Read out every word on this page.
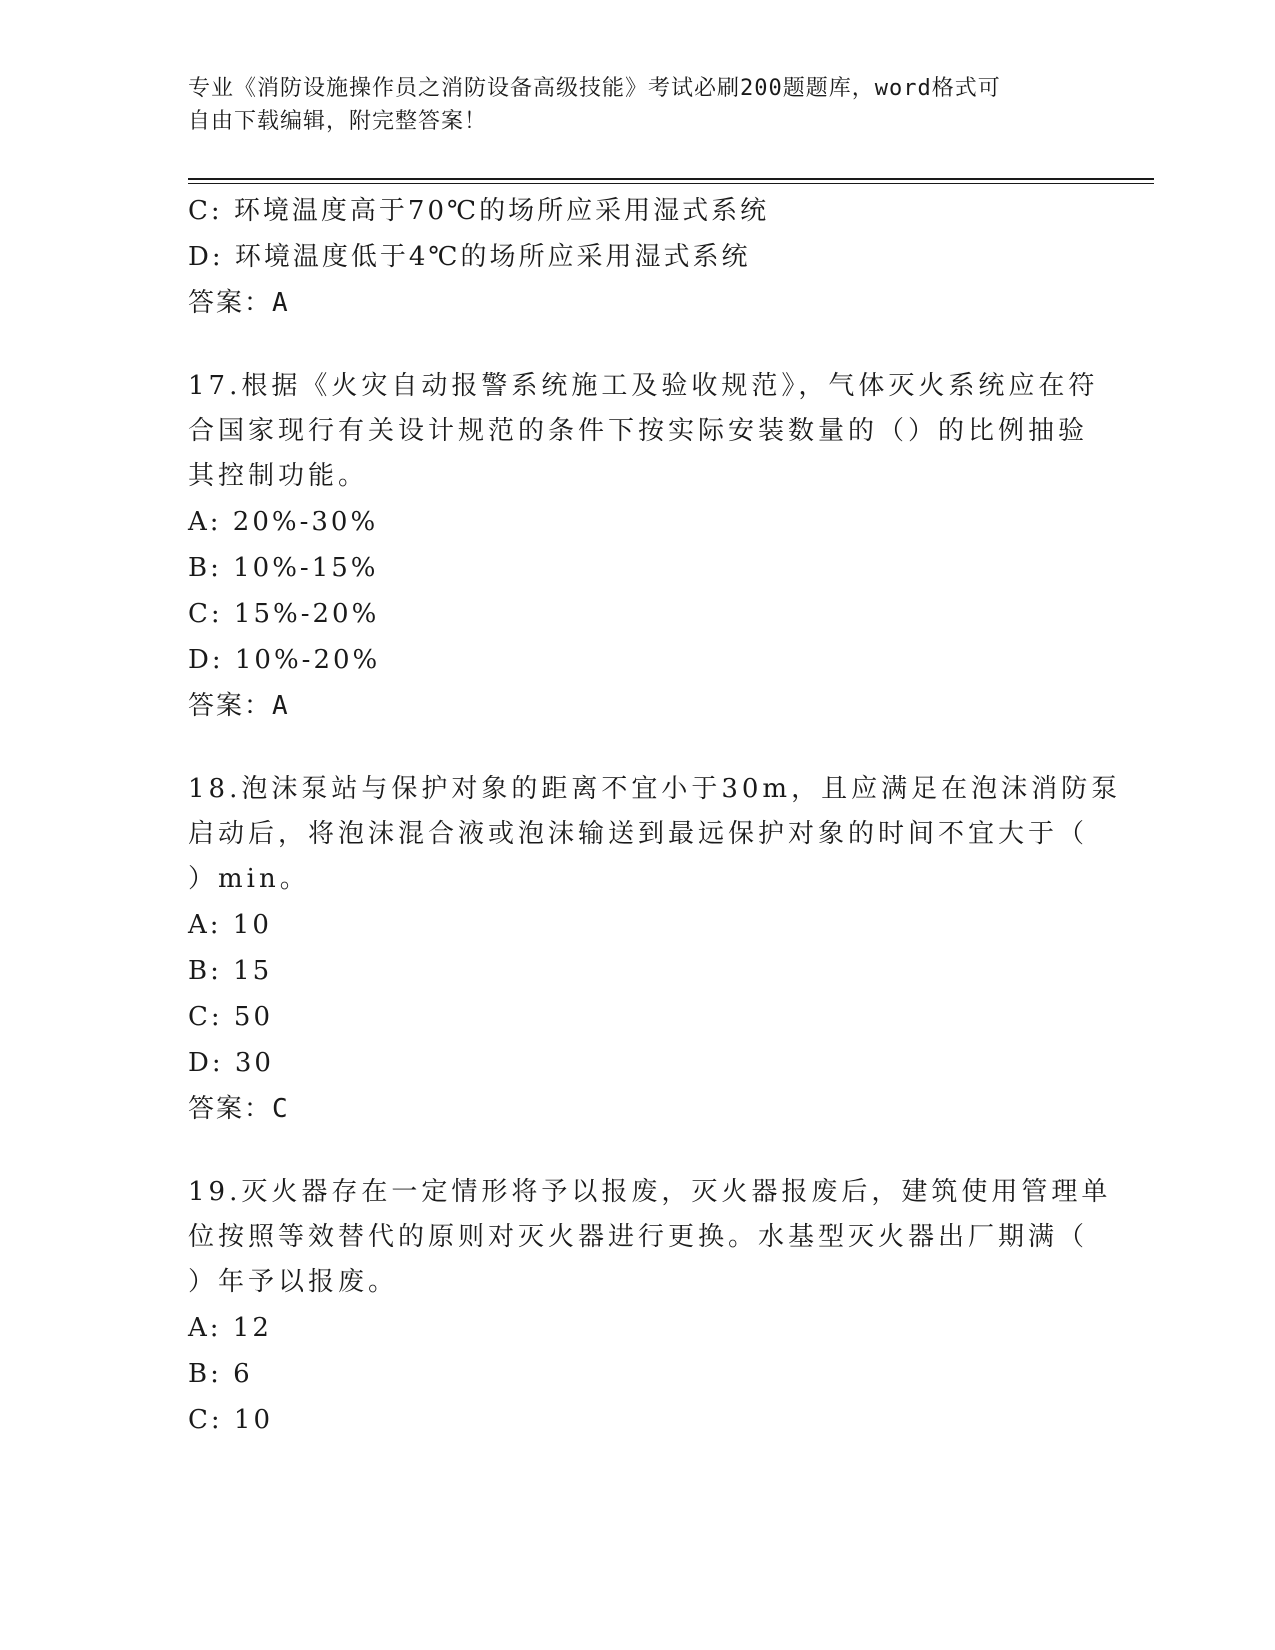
专业《消防设施操作员之消防设备高级技能》考试必刷200题题库，word格式可
自由下载编辑，附完整答案！
C: 环境温度高于70℃的场所应采用湿式系统
D: 环境温度低于4℃的场所应采用湿式系统
答案：A
17.根据《火灾自动报警系统施工及验收规范》，气体灭火系统应在符
合国家现行有关设计规范的条件下按实际安装数量的（）的比例抽验
其控制功能。
A: 20%-30%
B: 10%-15%
C: 15%-20%
D: 10%-20%
答案：A
18.泡沫泵站与保护对象的距离不宜小于30m，且应满足在泡沫消防泵
启动后，将泡沫混合液或泡沫输送到最远保护对象的时间不宜大于（
）min。
A: 10
B: 15
C: 50
D: 30
答案：C
19.灭火器存在一定情形将予以报废，灭火器报废后，建筑使用管理单
位按照等效替代的原则对灭火器进行更换。水基型灭火器出厂期满（
）年予以报废。
A: 12
B: 6
C: 10
